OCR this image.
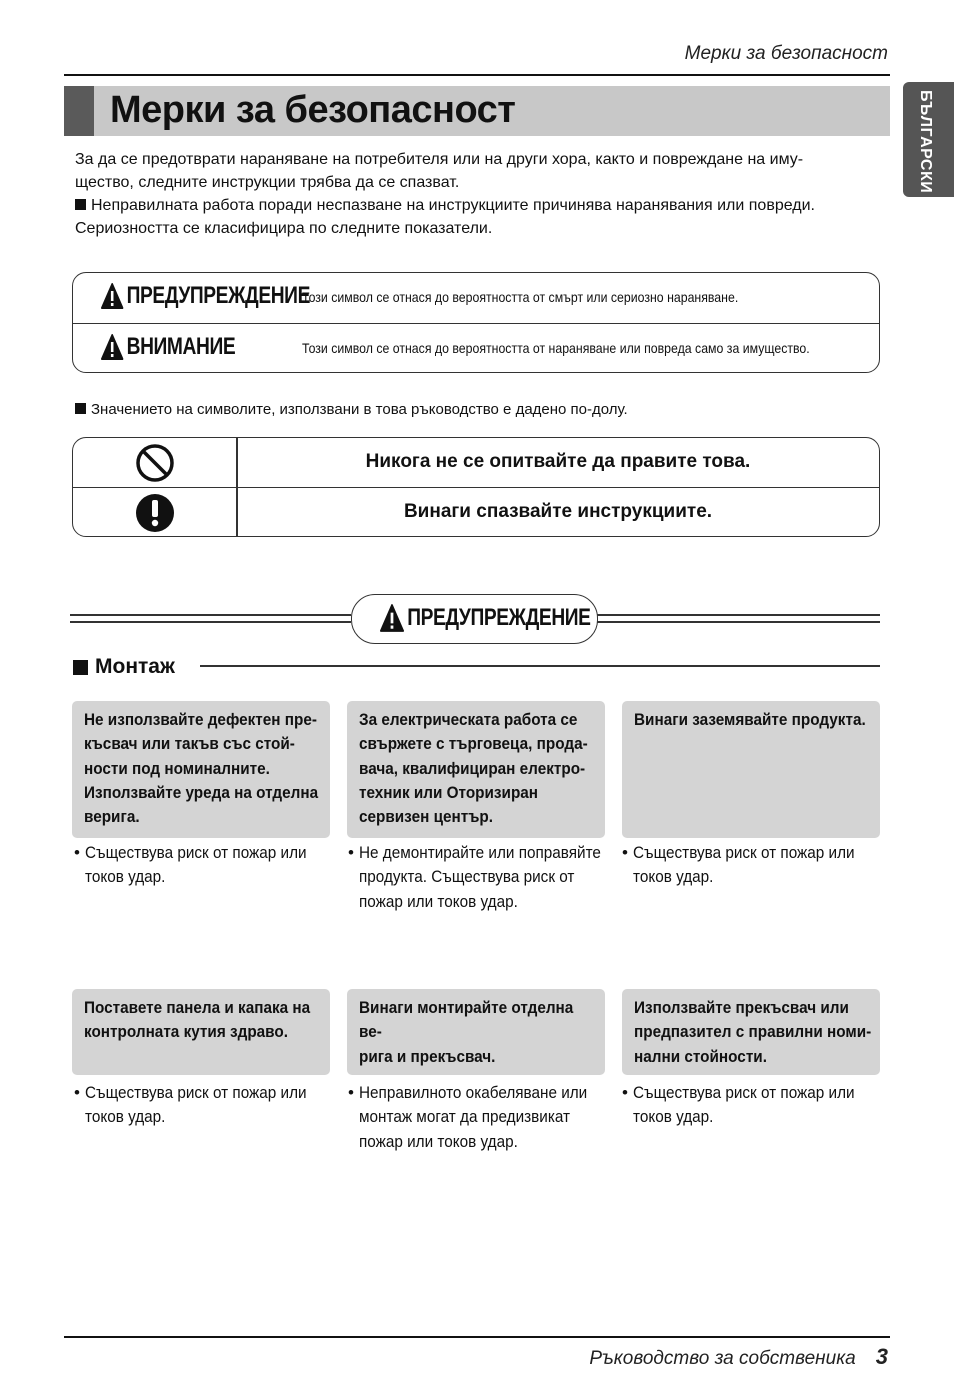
Мерки за безопасност
Мерки за безопасност	БЪЛГАРСКИ

За да се предотврати нараняване на потребителя или на други хора, както и повреждане на иму-

щество, следните инструкции трябва да се спазват.

Неправилната работа поради неспазване на инструкциите причинява наранявания или повреди.

Сериозността се класифицира по следните показатели.

ПРЕДУПРЕЖДЕНИЕ
Този символ се отнася до вероятността от смърт или сериозно нараняване.
ВНИМАНИЕ	Този символ се отнася до вероятността от нараняване или повреда само за имущество.
Значението на символите, използвани в това ръководство е дадено по-долу.
Никога не се опитвайте да правите това.
Винаги спазвайте инструкциите.
ПРЕДУПРЕЖДЕНИЕ
Монтаж
Не използвайте дефектен пре-
късвач или такъв със стой-
ности под номиналните.
Използвайте уреда на отделна
верига.
• Съществува риск от пожар или
токов удар.
За електрическата работа се
свържете с търговеца, прода-
вача, квалифициран електро-
техник или Оторизиран
сервизен център.
• Не демонтирайте или поправяйте
продукта. Съществува риск от
пожар или токов удар.
Винаги заземявайте продукта.
• Съществува риск от пожар или
токов удар.
Поставете панела и капака на
контролната кутия здраво.
• Съществува риск от пожар или
токов удар.
Винаги монтирайте отделна ве-
рига и прекъсвач.
• Неправилното окабеляване или
монтаж могат да предизвикат
пожар или токов удар.
Използвайте прекъсвач или
предпазител с правилни номи-
нални стойности.
• Съществува риск от пожар или
токов удар.
Ръководство за собственика 3
